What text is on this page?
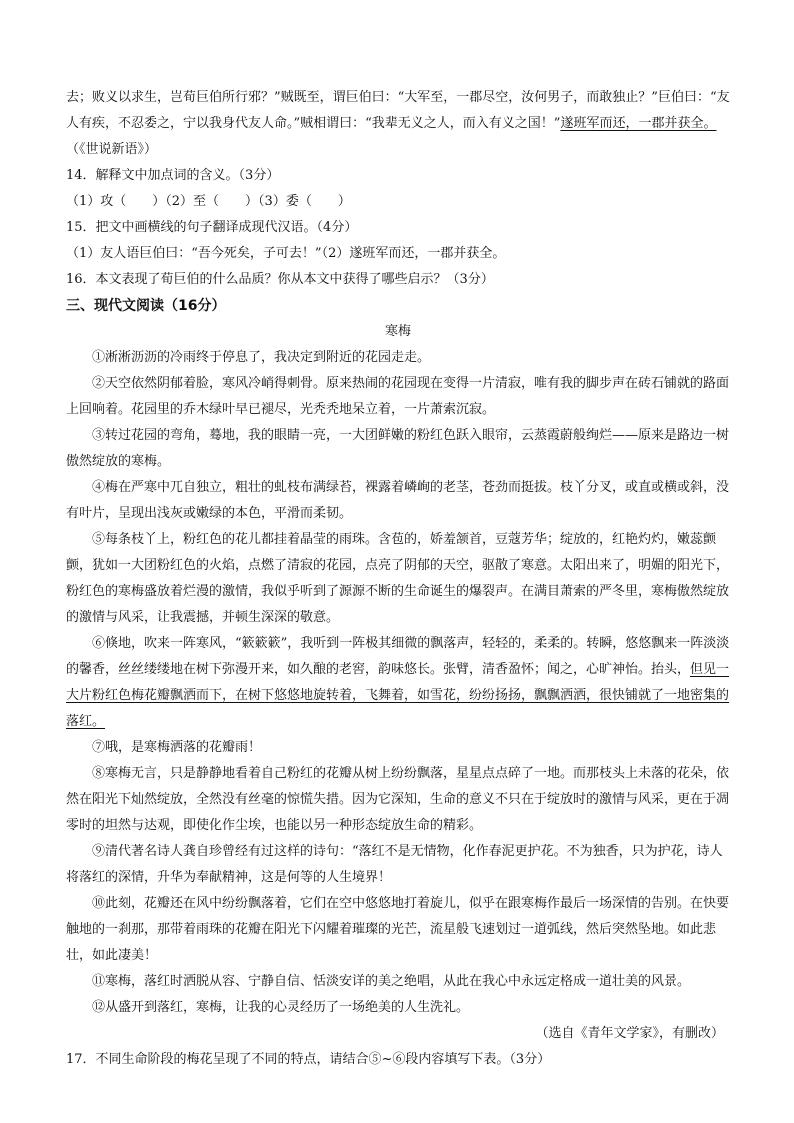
去；败义以求生，岂荀巨伯所行邪？”贼既至，谓巨伯曰：“大军至，一郡尽空，汝何男子，而敢独止？”巨伯曰：“友人有疾，不忍委之，宁以我身代友人命。”贼相谓曰：“我辈无义之人，而入有义之国！”遂班军而还，一郡并获全。（《世说新语》）

14．解释文中加点词的含义。（3分）

（1）攻（　　）（2）至（　　）（3）委（　　）

15．把文中画横线的句子翻译成现代汉语。（4分）

（1）友人语巨伯曰：“吾今死矣，子可去！”（2）遂班军而还，一郡并获全。

16．本文表现了荀巨伯的什么品质？你从本文中获得了哪些启示？（3分）

三、现代文阅读（16分）

寒梅

①淅淅沥沥的冷雨终于停息了，我决定到附近的花园走走。

②天空依然阴郁着脸，寒风冷峭得刺骨。原来热闹的花园现在变得一片清寂，唯有我的脚步声在砖石铺就的路面上回响着。花园里的乔木绿叶早已褪尽，光秃秃地呆立着，一片萧索沉寂。

③转过花园的弯角，蓦地，我的眼睛一亮，一大团鲜嫩的粉红色跃入眼帘，云蒸霞蔚般绚烂——原来是路边一树傲然绽放的寒梅。

④梅在严寒中兀自独立，粗壮的虬枝布满绿苔，裸露着嶙峋的老茎，苍劲而挺拔。枝丫分叉，或直或横或斜，没有叶片，呈现出浅灰或嫩绿的本色，平滑而柔韧。

⑤每条枝丫上，粉红色的花儿都挂着晶莹的雨珠。含苞的，娇羞颔首，豆蔻芳华；绽放的，红艳灼灼，嫩蕊颤颤，犹如一大团粉红色的火焰，点燃了清寂的花园，点亮了阴郁的天空，驱散了寒意。太阳出来了，明媚的阳光下，粉红色的寒梅盛放着烂漫的激情，我似乎听到了源源不断的生命诞生的爆裂声。在满目萧索的严冬里，寒梅傲然绽放的激情与风采，让我震撼，并顿生深深的敬意。

⑥倏地，吹来一阵寒风，“簌簌簌”，我听到一阵极其细微的飘落声，轻轻的，柔柔的。转瞬，悠悠飘来一阵淡淡的馨香，丝丝缕缕地在树下弥漫开来，如久酿的老窖，韵味悠长。张臂，清香盈怀；闻之，心旷神怡。抬头，但见一大片粉红色梅花瓣飘洒而下，在树下悠悠地旋转着，飞舞着，如雪花，纷纷扬扬，飘飘洒洒，很快铺就了一地密集的落红。

⑦哦，是寒梅洒落的花瓣雨！

⑧寒梅无言，只是静静地看着自己粉红的花瓣从树上纷纷飘落，星星点点碎了一地。而那枝头上未落的花朵，依然在阳光下灿然绽放，全然没有丝毫的惊慌失措。因为它深知，生命的意义不只在于绽放时的激情与风采，更在于凋零时的坦然与达观，即使化作尘埃，也能以另一种形态绽放生命的精彩。

⑨清代著名诗人龚自珍曾经有过这样的诗句：“落红不是无情物，化作春泥更护花。不为独香，只为护花，诗人将落红的深情，升华为奉献精神，这是何等的人生境界！

⑩此刻，花瓣还在风中纷纷飘落着，它们在空中悠悠地打着旋儿，似乎在跟寒梅作最后一场深情的告别。在快要触地的一刹那，那带着雨珠的花瓣在阳光下闪耀着璀璨的光芒，流星般飞速划过一道弧线，然后突然坠地。如此悲壮，如此凄美！

⑪寒梅，落红时洒脱从容、宁静自信、恬淡安详的美之绝唱，从此在我心中永远定格成一道壮美的风景。

⑫从盛开到落红，寒梅，让我的心灵经历了一场绝美的人生洗礼。

（选自《青年文学家》，有删改）

17．不同生命阶段的梅花呈现了不同的特点，请结合⑤~⑥段内容填写下表。（3分）
